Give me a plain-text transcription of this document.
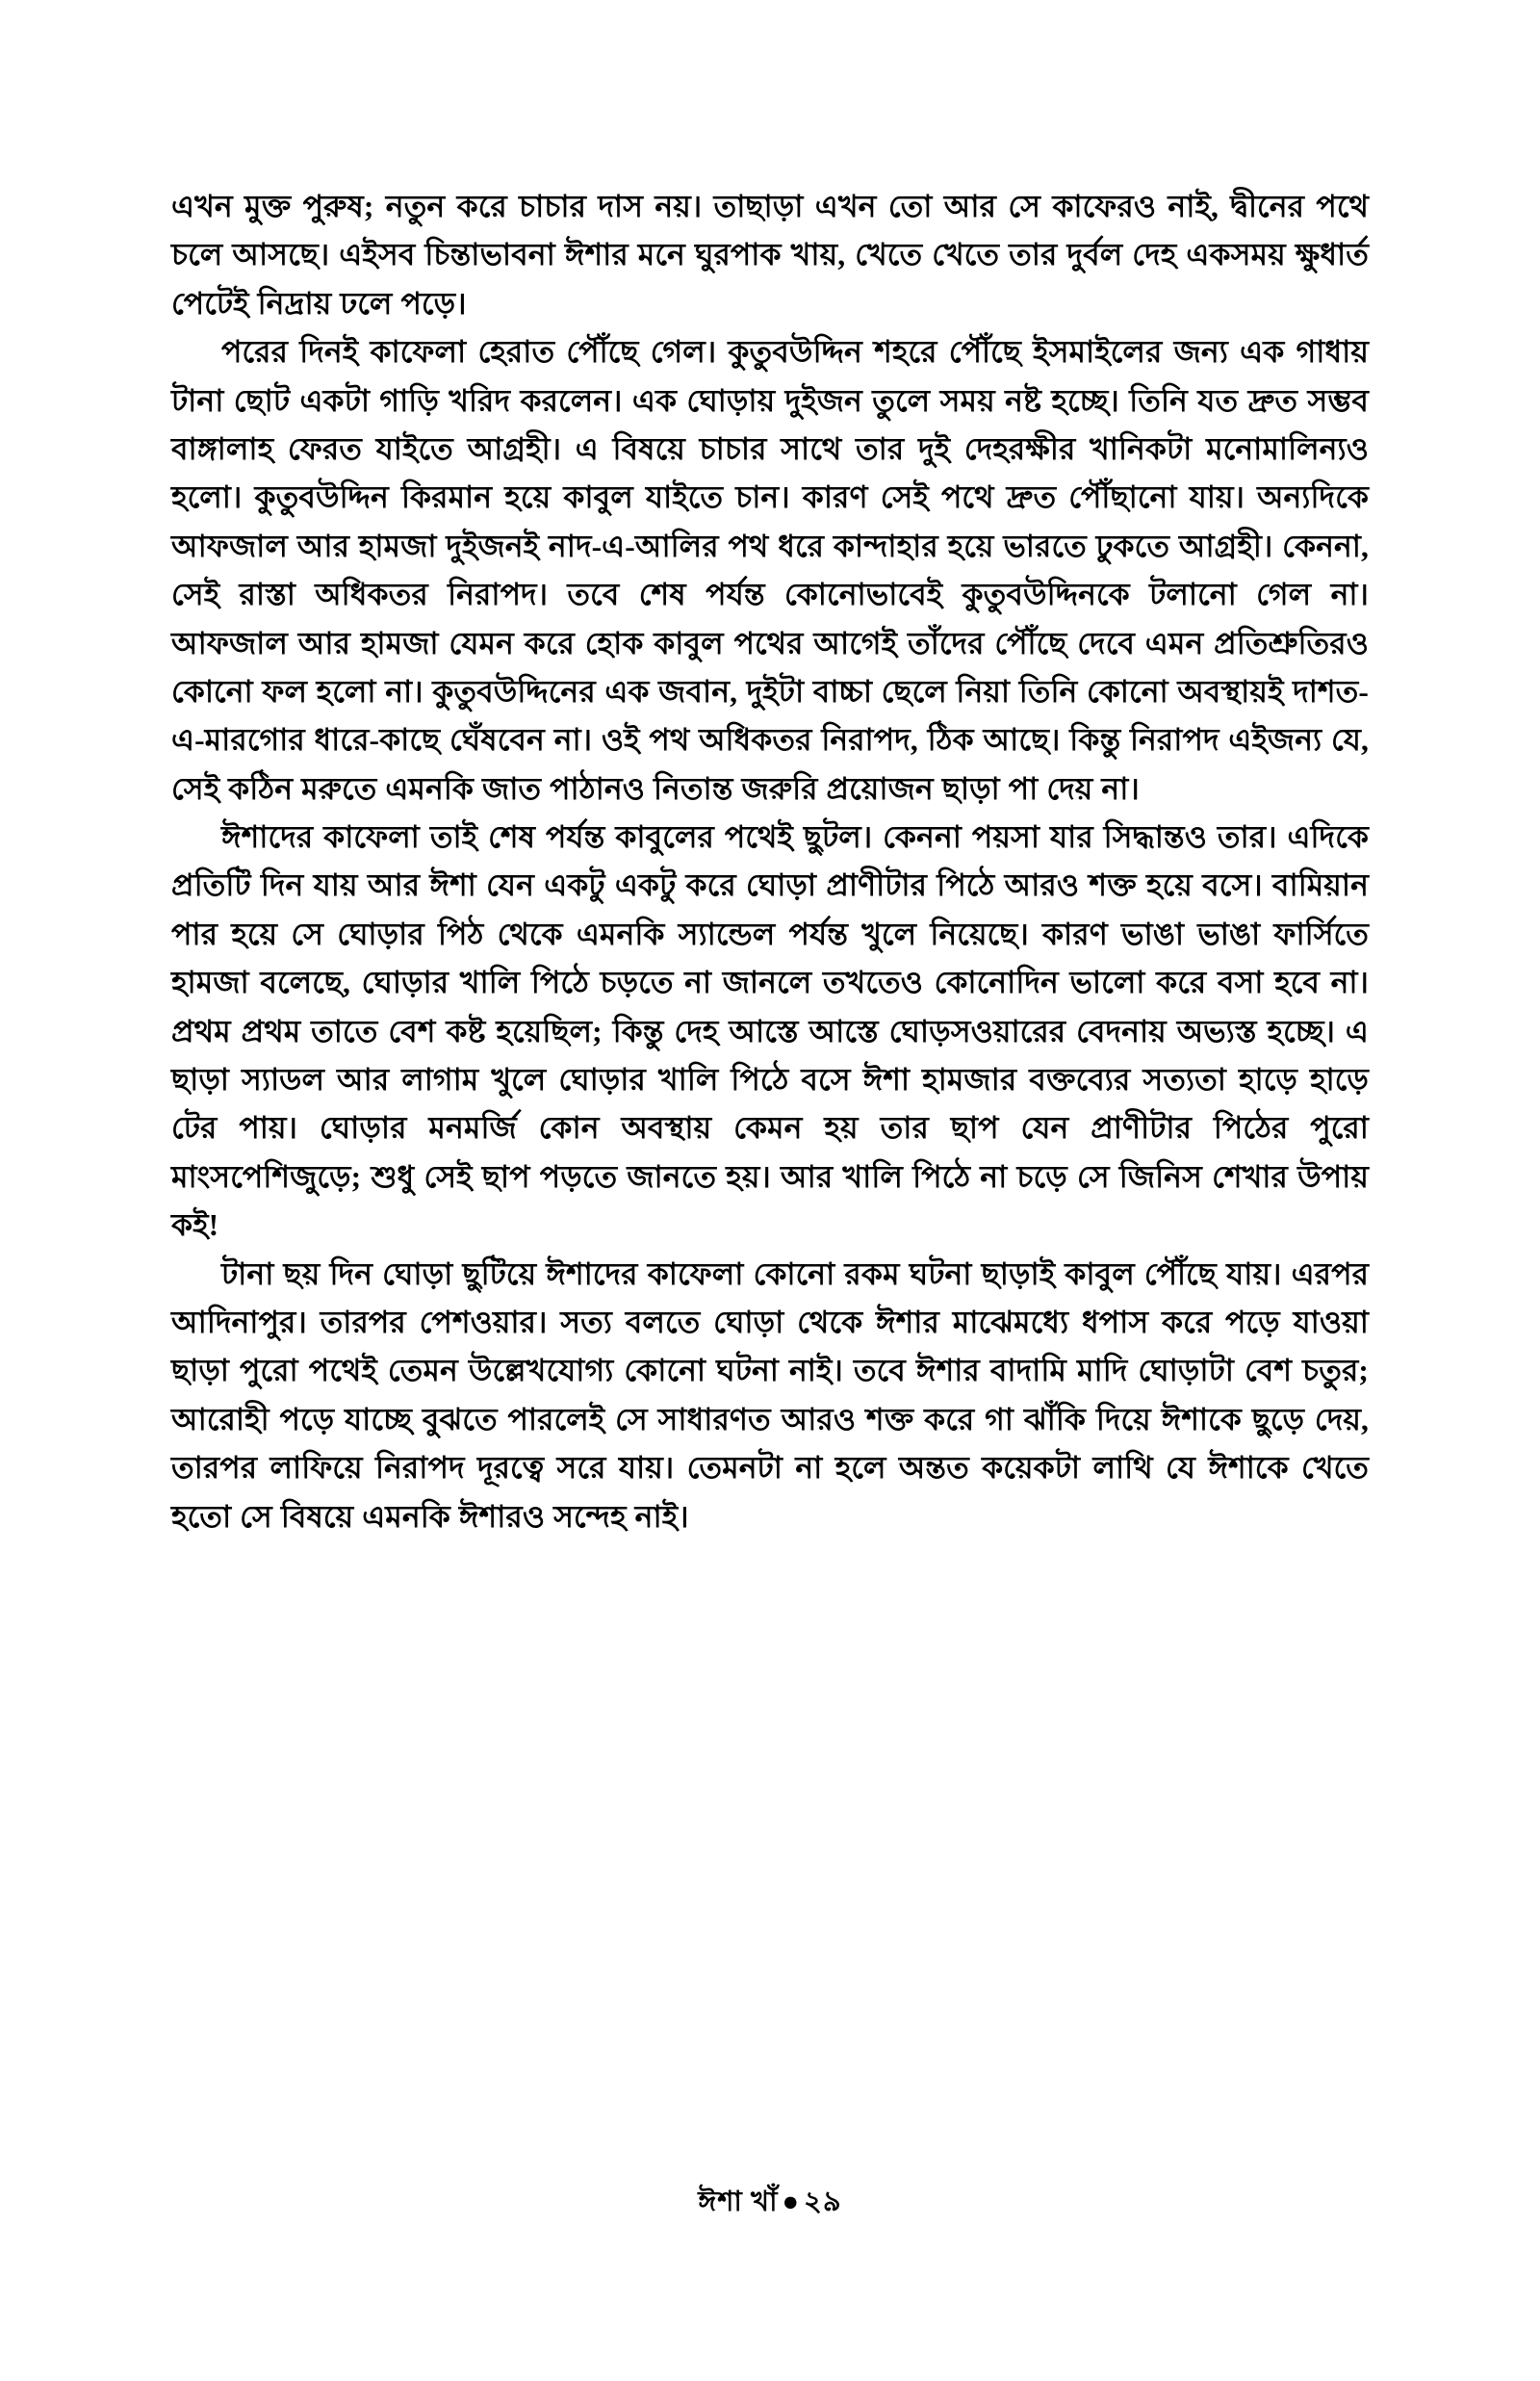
এখন মুক্ত পুরুষ; নতুন করে চাচার দাস নয়। তাছাড়া এখন তো আর সে কাফেরও নাই, দ্বীনের পথে চলে আসছে। এইসব চিন্তাভাবনা ঈশার মনে ঘুরপাক খায়, খেতে খেতে তার দুর্বল দেহ একসময় ক্ষুধার্ত পেটেই নিদ্রায় ঢলে পড়ে।

পরের দিনই কাফেলা হেরাত পৌঁছে গেল। কুতুবউদ্দিন শহরে পৌঁছে ইসমাইলের জন্য এক গাধায় টানা ছোট একটা গাড়ি খরিদ করলেন। এক ঘোড়ায় দুইজন তুলে সময় নষ্ট হচ্ছে। তিনি যত দ্রুত সম্ভব বাঙ্গালাহ ফেরত যাইতে আগ্রহী। এ বিষয়ে চাচার সাথে তার দুই দেহরক্ষীর খানিকটা মনোমালিন্যও হলো। কুতুবউদ্দিন কিরমান হয়ে কাবুল যাইতে চান। কারণ সেই পথে দ্রুত পৌঁছানো যায়। অন্যদিকে আফজাল আর হামজা দুইজনই নাদ-এ-আলির পথ ধরে কান্দাহার হয়ে ভারতে ঢুকতে আগ্রহী। কেননা, সেই রাস্তা অধিকতর নিরাপদ। তবে শেষ পর্যন্ত কোনোভাবেই কুতুবউদ্দিনকে টলানো গেল না। আফজাল আর হামজা যেমন করে হোক কাবুল পথের আগেই তাঁদের পৌঁছে দেবে এমন প্রতিশ্রুতিরও কোনো ফল হলো না। কুতুবউদ্দিনের এক জবান, দুইটা বাচ্চা ছেলে নিয়া তিনি কোনো অবস্থায়ই দাশত-এ-মারগোর ধারে-কাছে ঘেঁষবেন না। ওই পথ অধিকতর নিরাপদ, ঠিক আছে। কিন্তু নিরাপদ এইজন্য যে, সেই কঠিন মরুতে এমনকি জাত পাঠানও নিতান্ত জরুরি প্রয়োজন ছাড়া পা দেয় না।

ঈশাদের কাফেলা তাই শেষ পর্যন্ত কাবুলের পথেই ছুটল। কেননা পয়সা যার সিদ্ধান্তও তার। এদিকে প্রতিটি দিন যায় আর ঈশা যেন একটু একটু করে ঘোড়া প্রাণীটার পিঠে আরও শক্ত হয়ে বসে। বামিয়ান পার হয়ে সে ঘোড়ার পিঠ থেকে এমনকি স্যান্ডেল পর্যন্ত খুলে নিয়েছে। কারণ ভাঙা ভাঙা ফার্সিতে হামজা বলেছে, ঘোড়ার খালি পিঠে চড়তে না জানলে তখতেও কোনোদিন ভালো করে বসা হবে না। প্রথম প্রথম তাতে বেশ কষ্ট হয়েছিল; কিন্তু দেহ আস্তে আস্তে ঘোড়সওয়ারের বেদনায় অভ্যস্ত হচ্ছে। এ ছাড়া স্যাডল আর লাগাম খুলে ঘোড়ার খালি পিঠে বসে ঈশা হামজার বক্তব্যের সত্যতা হাড়ে হাড়ে টের পায়। ঘোড়ার মনমর্জি কোন অবস্থায় কেমন হয় তার ছাপ যেন প্রাণীটার পিঠের পুরো মাংসপেশিজুড়ে; শুধু সেই ছাপ পড়তে জানতে হয়। আর খালি পিঠে না চড়ে সে জিনিস শেখার উপায় কই!

টানা ছয় দিন ঘোড়া ছুটিয়ে ঈশাদের কাফেলা কোনো রকম ঘটনা ছাড়াই কাবুল পৌঁছে যায়। এরপর আদিনাপুর। তারপর পেশওয়ার। সত্য বলতে ঘোড়া থেকে ঈশার মাঝেমধ্যে ধপাস করে পড়ে যাওয়া ছাড়া পুরো পথেই তেমন উল্লেখযোগ্য কোনো ঘটনা নাই। তবে ঈশার বাদামি মাদি ঘোড়াটা বেশ চতুর; আরোহী পড়ে যাচ্ছে বুঝতে পারলেই সে সাধারণত আরও শক্ত করে গা ঝাঁকি দিয়ে ঈশাকে ছুড়ে দেয়, তারপর লাফিয়ে নিরাপদ দূরত্বে সরে যায়। তেমনটা না হলে অন্তত কয়েকটা লাথি যে ঈশাকে খেতে হতো সে বিষয়ে এমনকি ঈশারও সন্দেহ নাই।

ঈশা খাঁ ● ২৯
